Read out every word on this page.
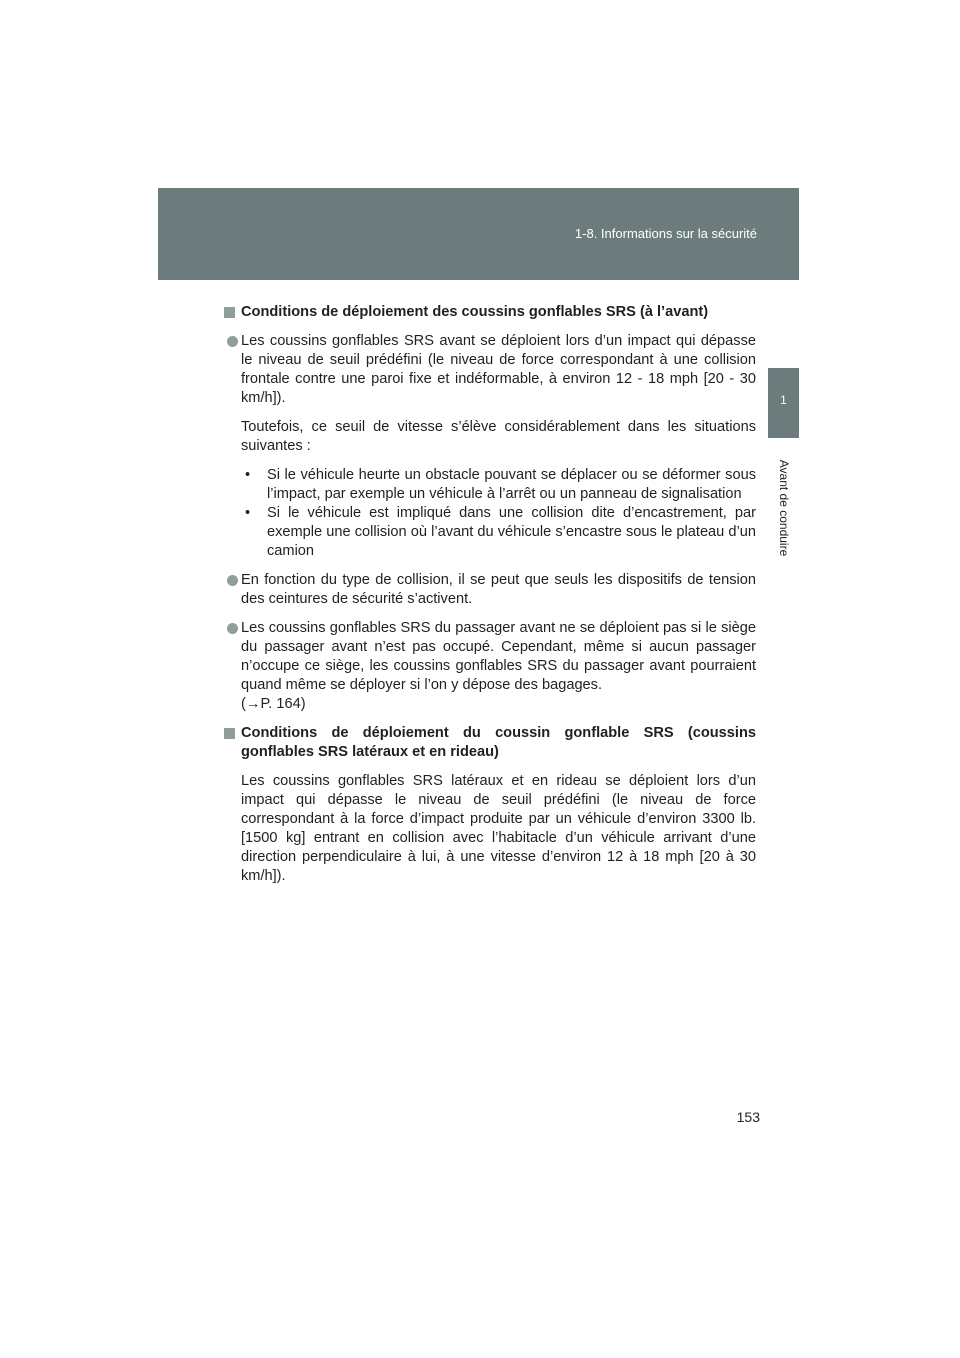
1-8. Informations sur la sécurité
1
Avant de conduire
Conditions de déploiement des coussins gonflables SRS (à l’avant)
Les coussins gonflables SRS avant se déploient lors d’un impact qui dépasse le niveau de seuil prédéfini (le niveau de force correspondant à une collision frontale contre une paroi fixe et indéformable, à environ 12 - 18 mph [20 - 30 km/h]).

Toutefois, ce seuil de vitesse s’élève considérablement dans les situations suivantes :

• Si le véhicule heurte un obstacle pouvant se déplacer ou se déformer sous l’impact, par exemple un véhicule à l’arrêt ou un panneau de signalisation
• Si le véhicule est impliqué dans une collision dite d’encastrement, par exemple une collision où l’avant du véhicule s’encastre sous le plateau d’un camion
En fonction du type de collision, il se peut que seuls les dispositifs de tension des ceintures de sécurité s’activent.
Les coussins gonflables SRS du passager avant ne se déploient pas si le siège du passager avant n’est pas occupé. Cependant, même si aucun passager n’occupe ce siège, les coussins gonflables SRS du passager avant pourraient quand même se déployer si l’on y dépose des bagages.
(→P. 164)
Conditions de déploiement du coussin gonflable SRS (coussins gonflables SRS latéraux et en rideau)

Les coussins gonflables SRS latéraux et en rideau se déploient lors d’un impact qui dépasse le niveau de seuil prédéfini (le niveau de force correspondant à la force d’impact produite par un véhicule d’environ 3300 lb. [1500 kg] entrant en collision avec l’habitacle d’un véhicule arrivant d’une direction perpendiculaire à lui, à une vitesse d’environ 12 à 18 mph [20 à 30 km/h]).

153
